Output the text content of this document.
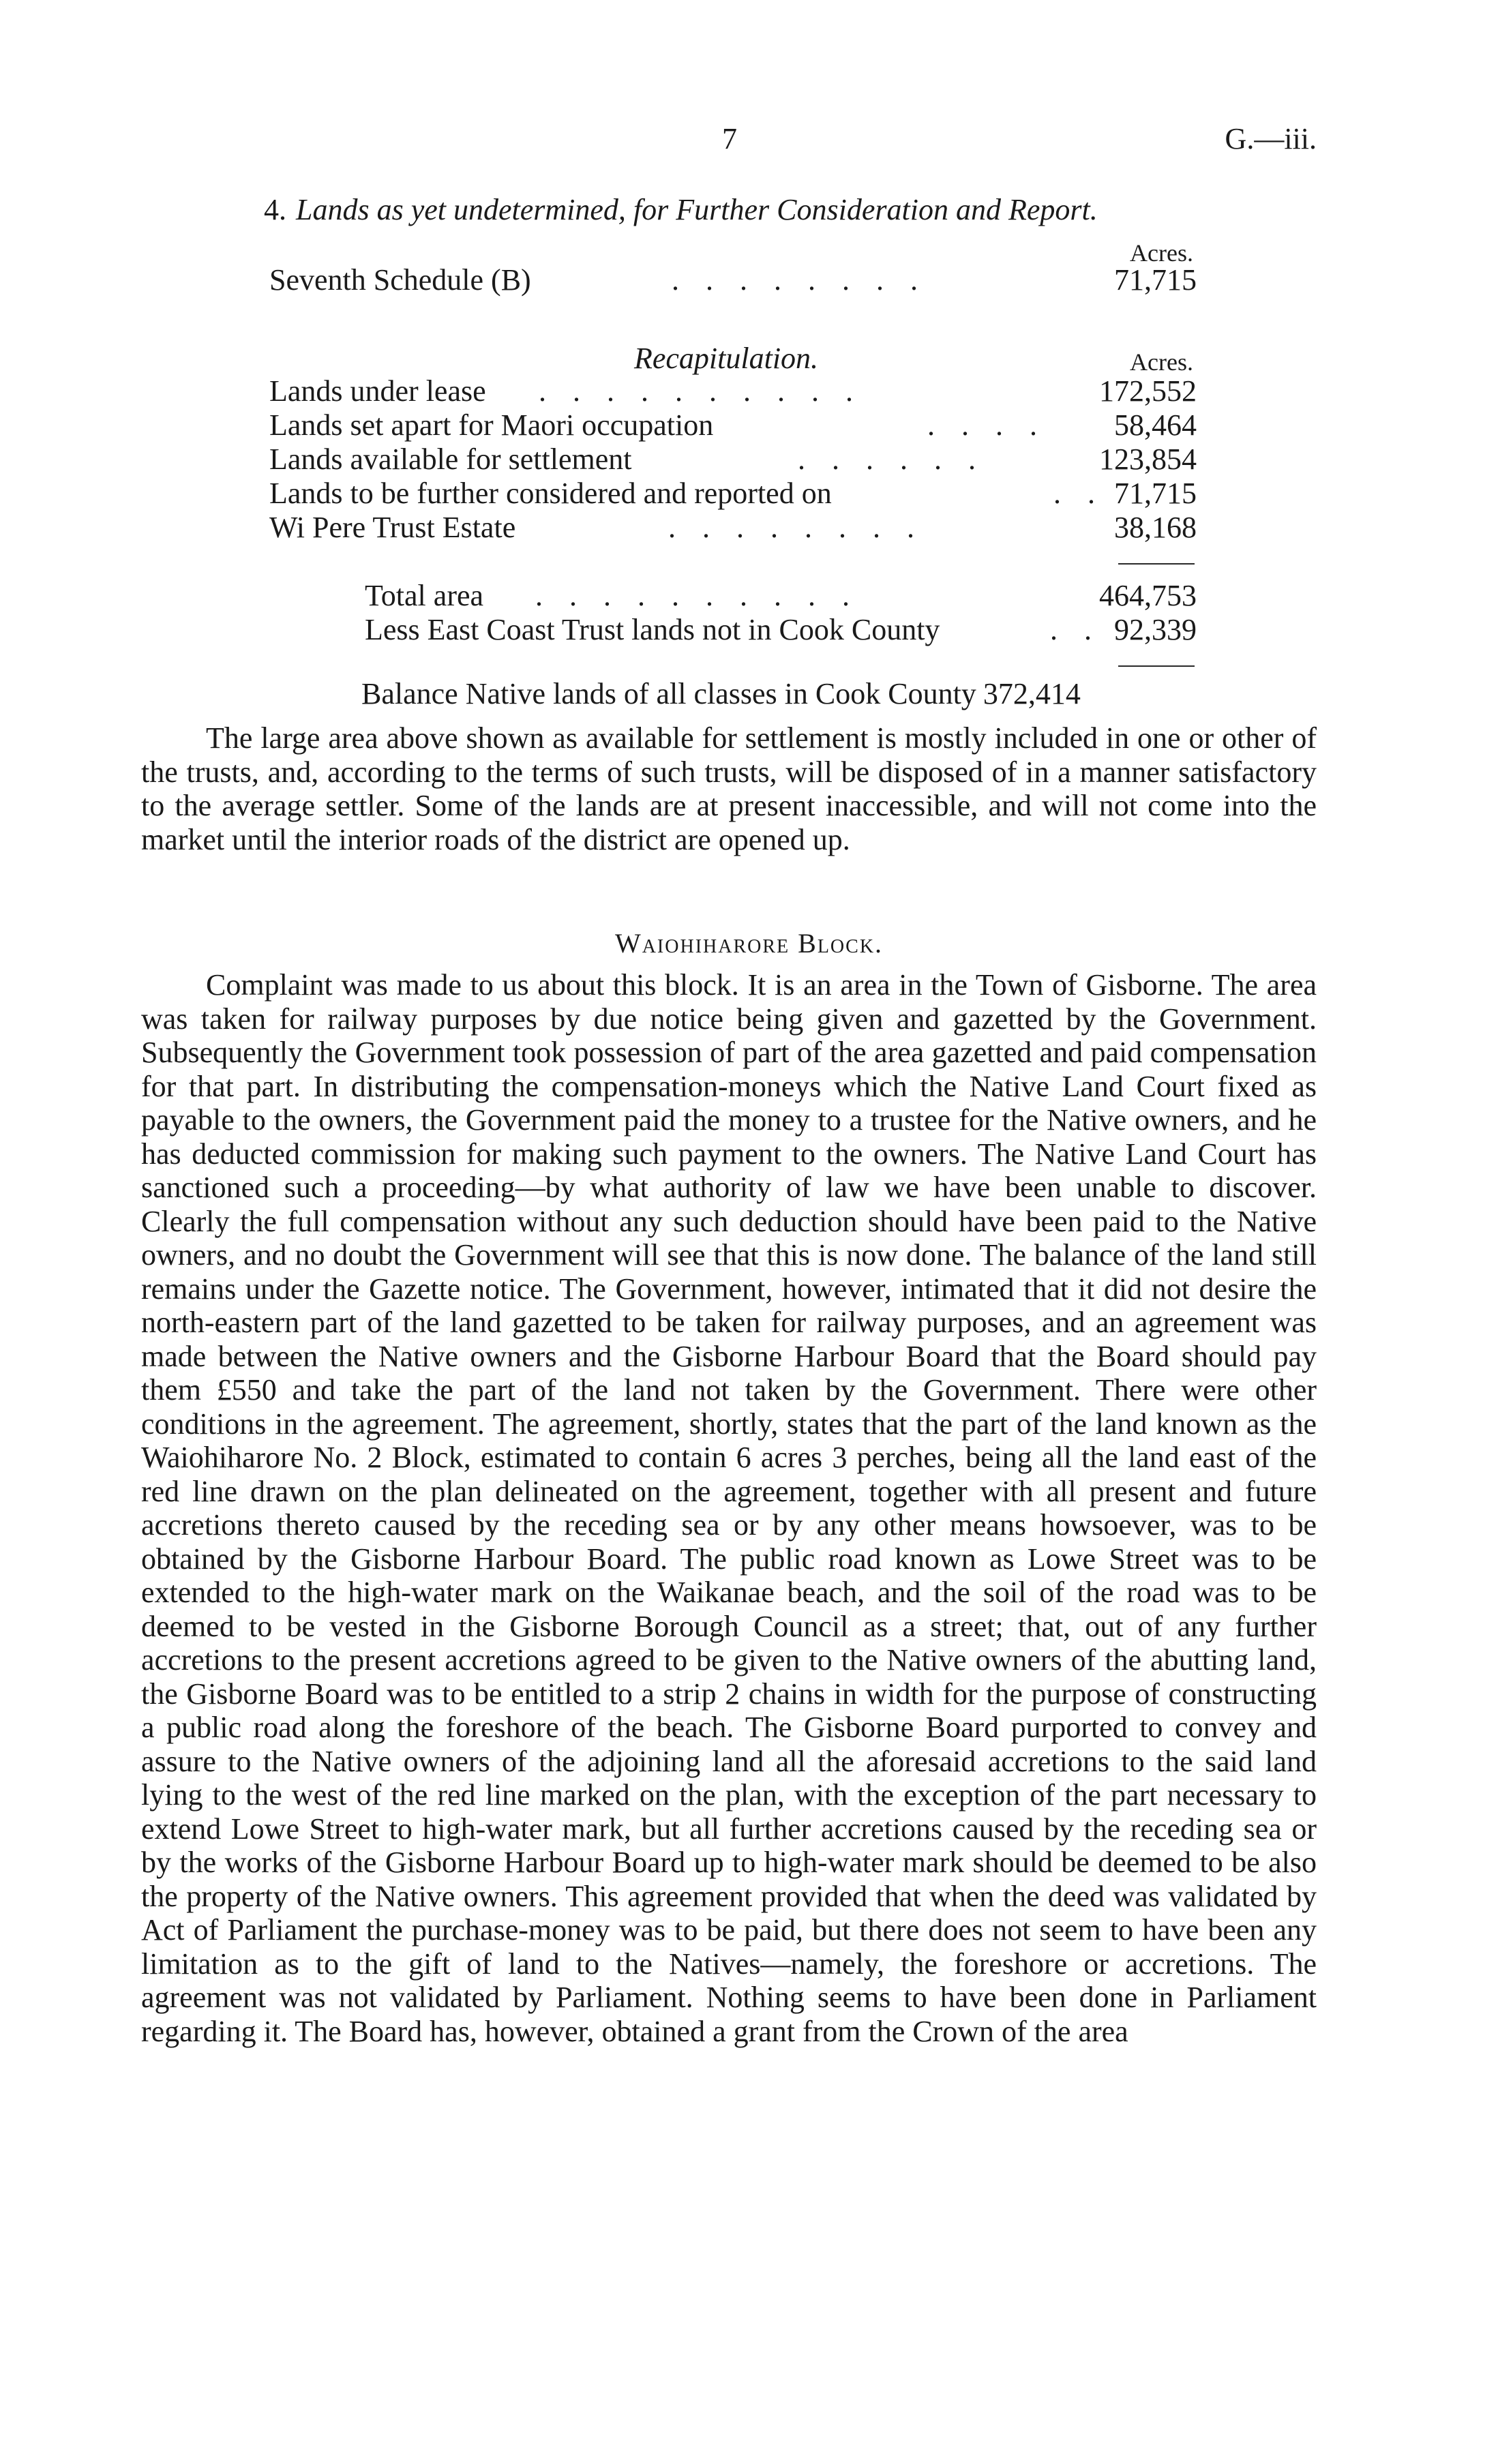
7	G.—iii.
4. Lands as yet undetermined, for Further Consideration and Report.
Acres.
Seventh Schedule (B)	. . . . . . . .	71,715
Recapitulation.	Acres.
Lands under lease . . . . . . . . . .	172,552
Lands set apart for Maori occupation	. . . .	58,464
Lands available for settlement	. . . . . .	123,854
Lands to be further considered and reported on	. . 71,715
Wi Pere Trust Estate	. . . . . . . .	38,168
Total area . . . . . . . . . .	464,753
Less East Coast Trust lands not in Cook County	. . 92,339
Balance Native lands of all classes in Cook County 372,414

The large area above shown as available for settlement is mostly included in one or other of the trusts, and, according to the terms of such trusts, will be disposed of in a manner satisfactory to the average settler. Some of the lands are at present inaccessible, and will not come into the market until the interior roads of the district are opened up.

Waiohiharore Block.

Complaint was made to us about this block. It is an area in the Town of Gisborne. The area was taken for railway purposes by due notice being given and gazetted by the Government. Subsequently the Government took possession of part of the area gazetted and paid compensation for that part. In distributing the compensation-moneys which the Native Land Court fixed as payable to the owners, the Government paid the money to a trustee for the Native owners, and he has deducted commission for making such payment to the owners. The Native Land Court has sanctioned such a proceeding—by what authority of law we have been unable to discover. Clearly the full compensation without any such deduction should have been paid to the Native owners, and no doubt the Government will see that this is now done. The balance of the land still remains under the Gazette notice. The Government, however, intimated that it did not desire the north-eastern part of the land gazetted to be taken for railway purposes, and an agreement was made between the Native owners and the Gisborne Harbour Board that the Board should pay them £550 and take the part of the land not taken by the Government. There were other conditions in the agreement. The agreement, shortly, states that the part of the land known as the Waiohiharore No. 2 Block, estimated to contain 6 acres 3 perches, being all the land east of the red line drawn on the plan delineated on the agreement, together with all present and future accretions thereto caused by the receding sea or by any other means howsoever, was to be obtained by the Gisborne Harbour Board. The public road known as Lowe Street was to be extended to the high-water mark on the Waikanae beach, and the soil of the road was to be deemed to be vested in the Gisborne Borough Council as a street; that, out of any further accretions to the present accretions agreed to be given to the Native owners of the abutting land, the Gisborne Board was to be entitled to a strip 2 chains in width for the purpose of constructing a public road along the foreshore of the beach. The Gisborne Board purported to convey and assure to the Native owners of the adjoining land all the aforesaid accretions to the said land lying to the west of the red line marked on the plan, with the exception of the part necessary to extend Lowe Street to high-water mark, but all further accretions caused by the receding sea or by the works of the Gisborne Harbour Board up to high-water mark should be deemed to be also the property of the Native owners. This agreement provided that when the deed was validated by Act of Parliament the purchase-money was to be paid, but there does not seem to have been any limitation as to the gift of land to the Natives—namely, the foreshore or accretions. The agreement was not validated by Parliament. Nothing seems to have been done in Parliament regarding it. The Board has, however, obtained a grant from the Crown of the area
